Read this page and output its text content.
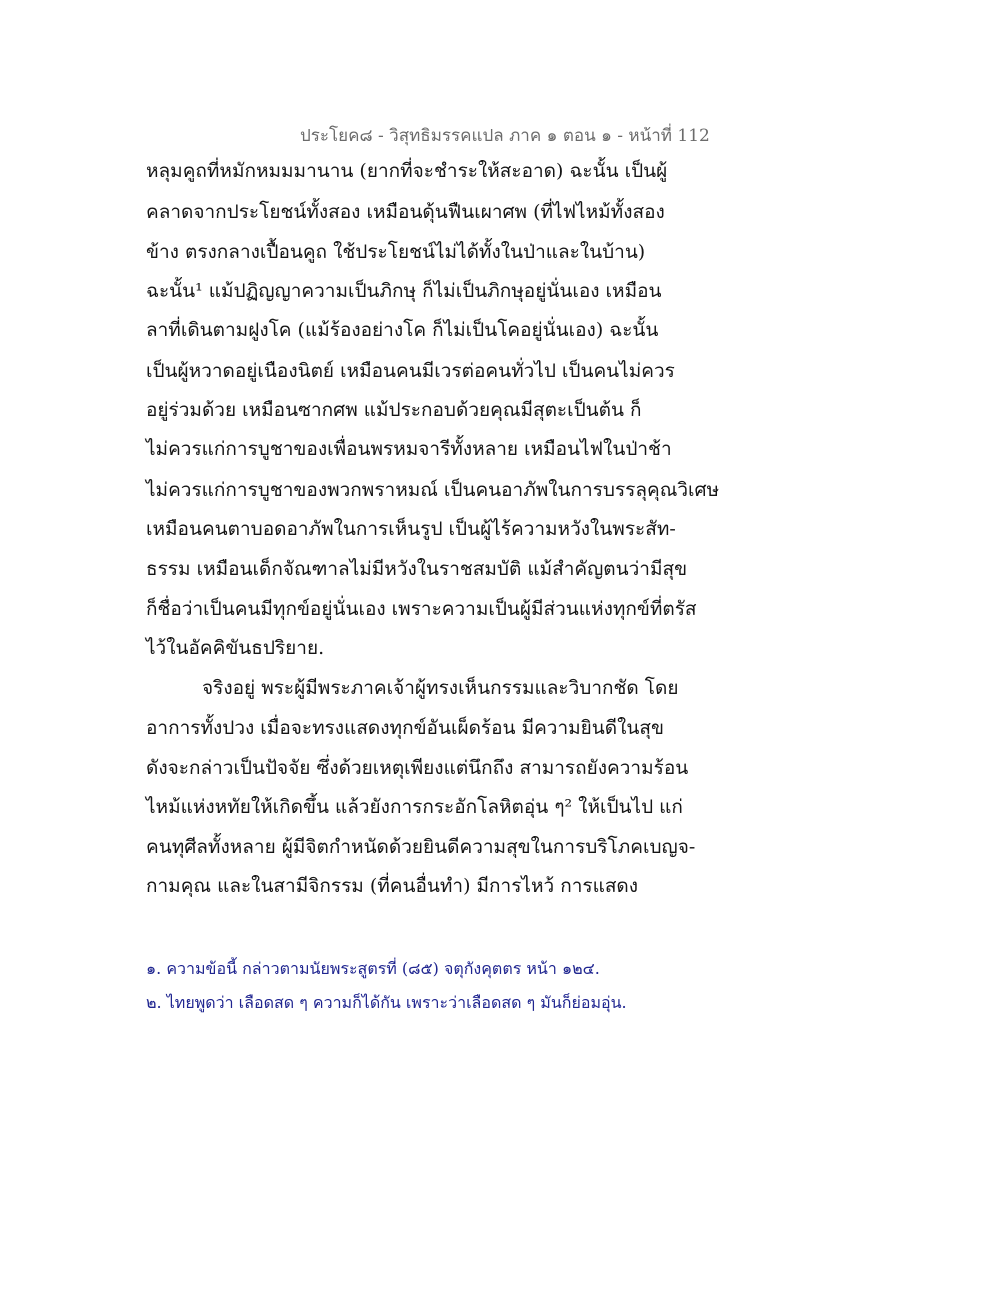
ประโยค๘ - วิสุทธิมรรคแปล ภาค ๑ ตอน ๑ - หน้าที่ 112
หลุมคูถที่หมักหมมมานาน (ยากที่จะชำระให้สะอาด) ฉะนั้น เป็นผู้
คลาดจากประโยชน์ทั้งสอง เหมือนดุ้นฟืนเผาศพ (ที่ไฟไหม้ทั้งสอง
ข้าง ตรงกลางเปื้อนคูถ ใช้ประโยชน์ไม่ได้ทั้งในป่าและในบ้าน)
ฉะนั้น¹ แม้ปฏิญญาความเป็นภิกษุ ก็ไม่เป็นภิกษุอยู่นั่นเอง เหมือน
ลาที่เดินตามฝูงโค (แม้ร้องอย่างโค ก็ไม่เป็นโคอยู่นั่นเอง) ฉะนั้น
เป็นผู้หวาดอยู่เนืองนิตย์ เหมือนคนมีเวรต่อคนทั่วไป เป็นคนไม่ควร
อยู่ร่วมด้วย เหมือนซากศพ แม้ประกอบด้วยคุณมีสุตะเป็นต้น ก็
ไม่ควรแก่การบูชาของเพื่อนพรหมจารีทั้งหลาย เหมือนไฟในป่าช้า
ไม่ควรแก่การบูชาของพวกพราหมณ์ เป็นคนอาภัพในการบรรลุคุณวิเศษ
เหมือนคนตาบอดอาภัพในการเห็นรูป เป็นผู้ไร้ความหวังในพระสัท-
ธรรม เหมือนเด็กจัณฑาลไม่มีหวังในราชสมบัติ แม้สำคัญตนว่ามีสุข
ก็ชื่อว่าเป็นคนมีทุกข์อยู่นั่นเอง เพราะความเป็นผู้มีส่วนแห่งทุกข์ที่ตรัส
ไว้ในอัคคิขันธปริยาย.
จริงอยู่ พระผู้มีพระภาคเจ้าผู้ทรงเห็นกรรมและวิบากชัด โดย
อาการทั้งปวง เมื่อจะทรงแสดงทุกข์อันเผ็ดร้อน มีความยินดีในสุข
ดังจะกล่าวเป็นปัจจัย ซึ่งด้วยเหตุเพียงแต่นึกถึง สามารถยังความร้อน
ไหม้แห่งหทัยให้เกิดขึ้น แล้วยังการกระอักโลหิตอุ่น ๆ² ให้เป็นไป แก่
คนทุศีลทั้งหลาย ผู้มีจิตกำหนัดด้วยยินดีความสุขในการบริโภคเบญจ-
กามคุณ และในสามีจิกรรม (ที่คนอื่นทำ) มีการไหว้ การแสดง
๑. ความข้อนี้ กล่าวตามนัยพระสูตรที่ (๘๕) จตุกังคุตตร หน้า ๑๒๔.
๒. ไทยพูดว่า เลือดสด ๆ ความก็ได้กัน เพราะว่าเลือดสด ๆ มันก็ย่อมอุ่น.
